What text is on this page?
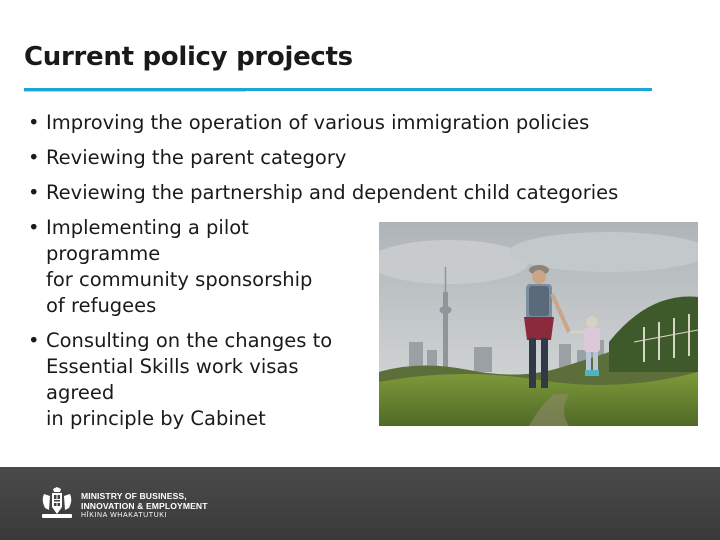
Current policy projects
• Improving the operation of various immigration policies
• Reviewing the parent category
• Reviewing the partnership and dependent child categories
• Implementing a pilot programme
for community sponsorship
of refugees
• Consulting on the changes to
Essential Skills work visas agreed
in principle by Cabinet
MINISTRY OF BUSINESS,
INNOVATION & EMPLOYMENT
HĪKINA WHAKATUTUKI
